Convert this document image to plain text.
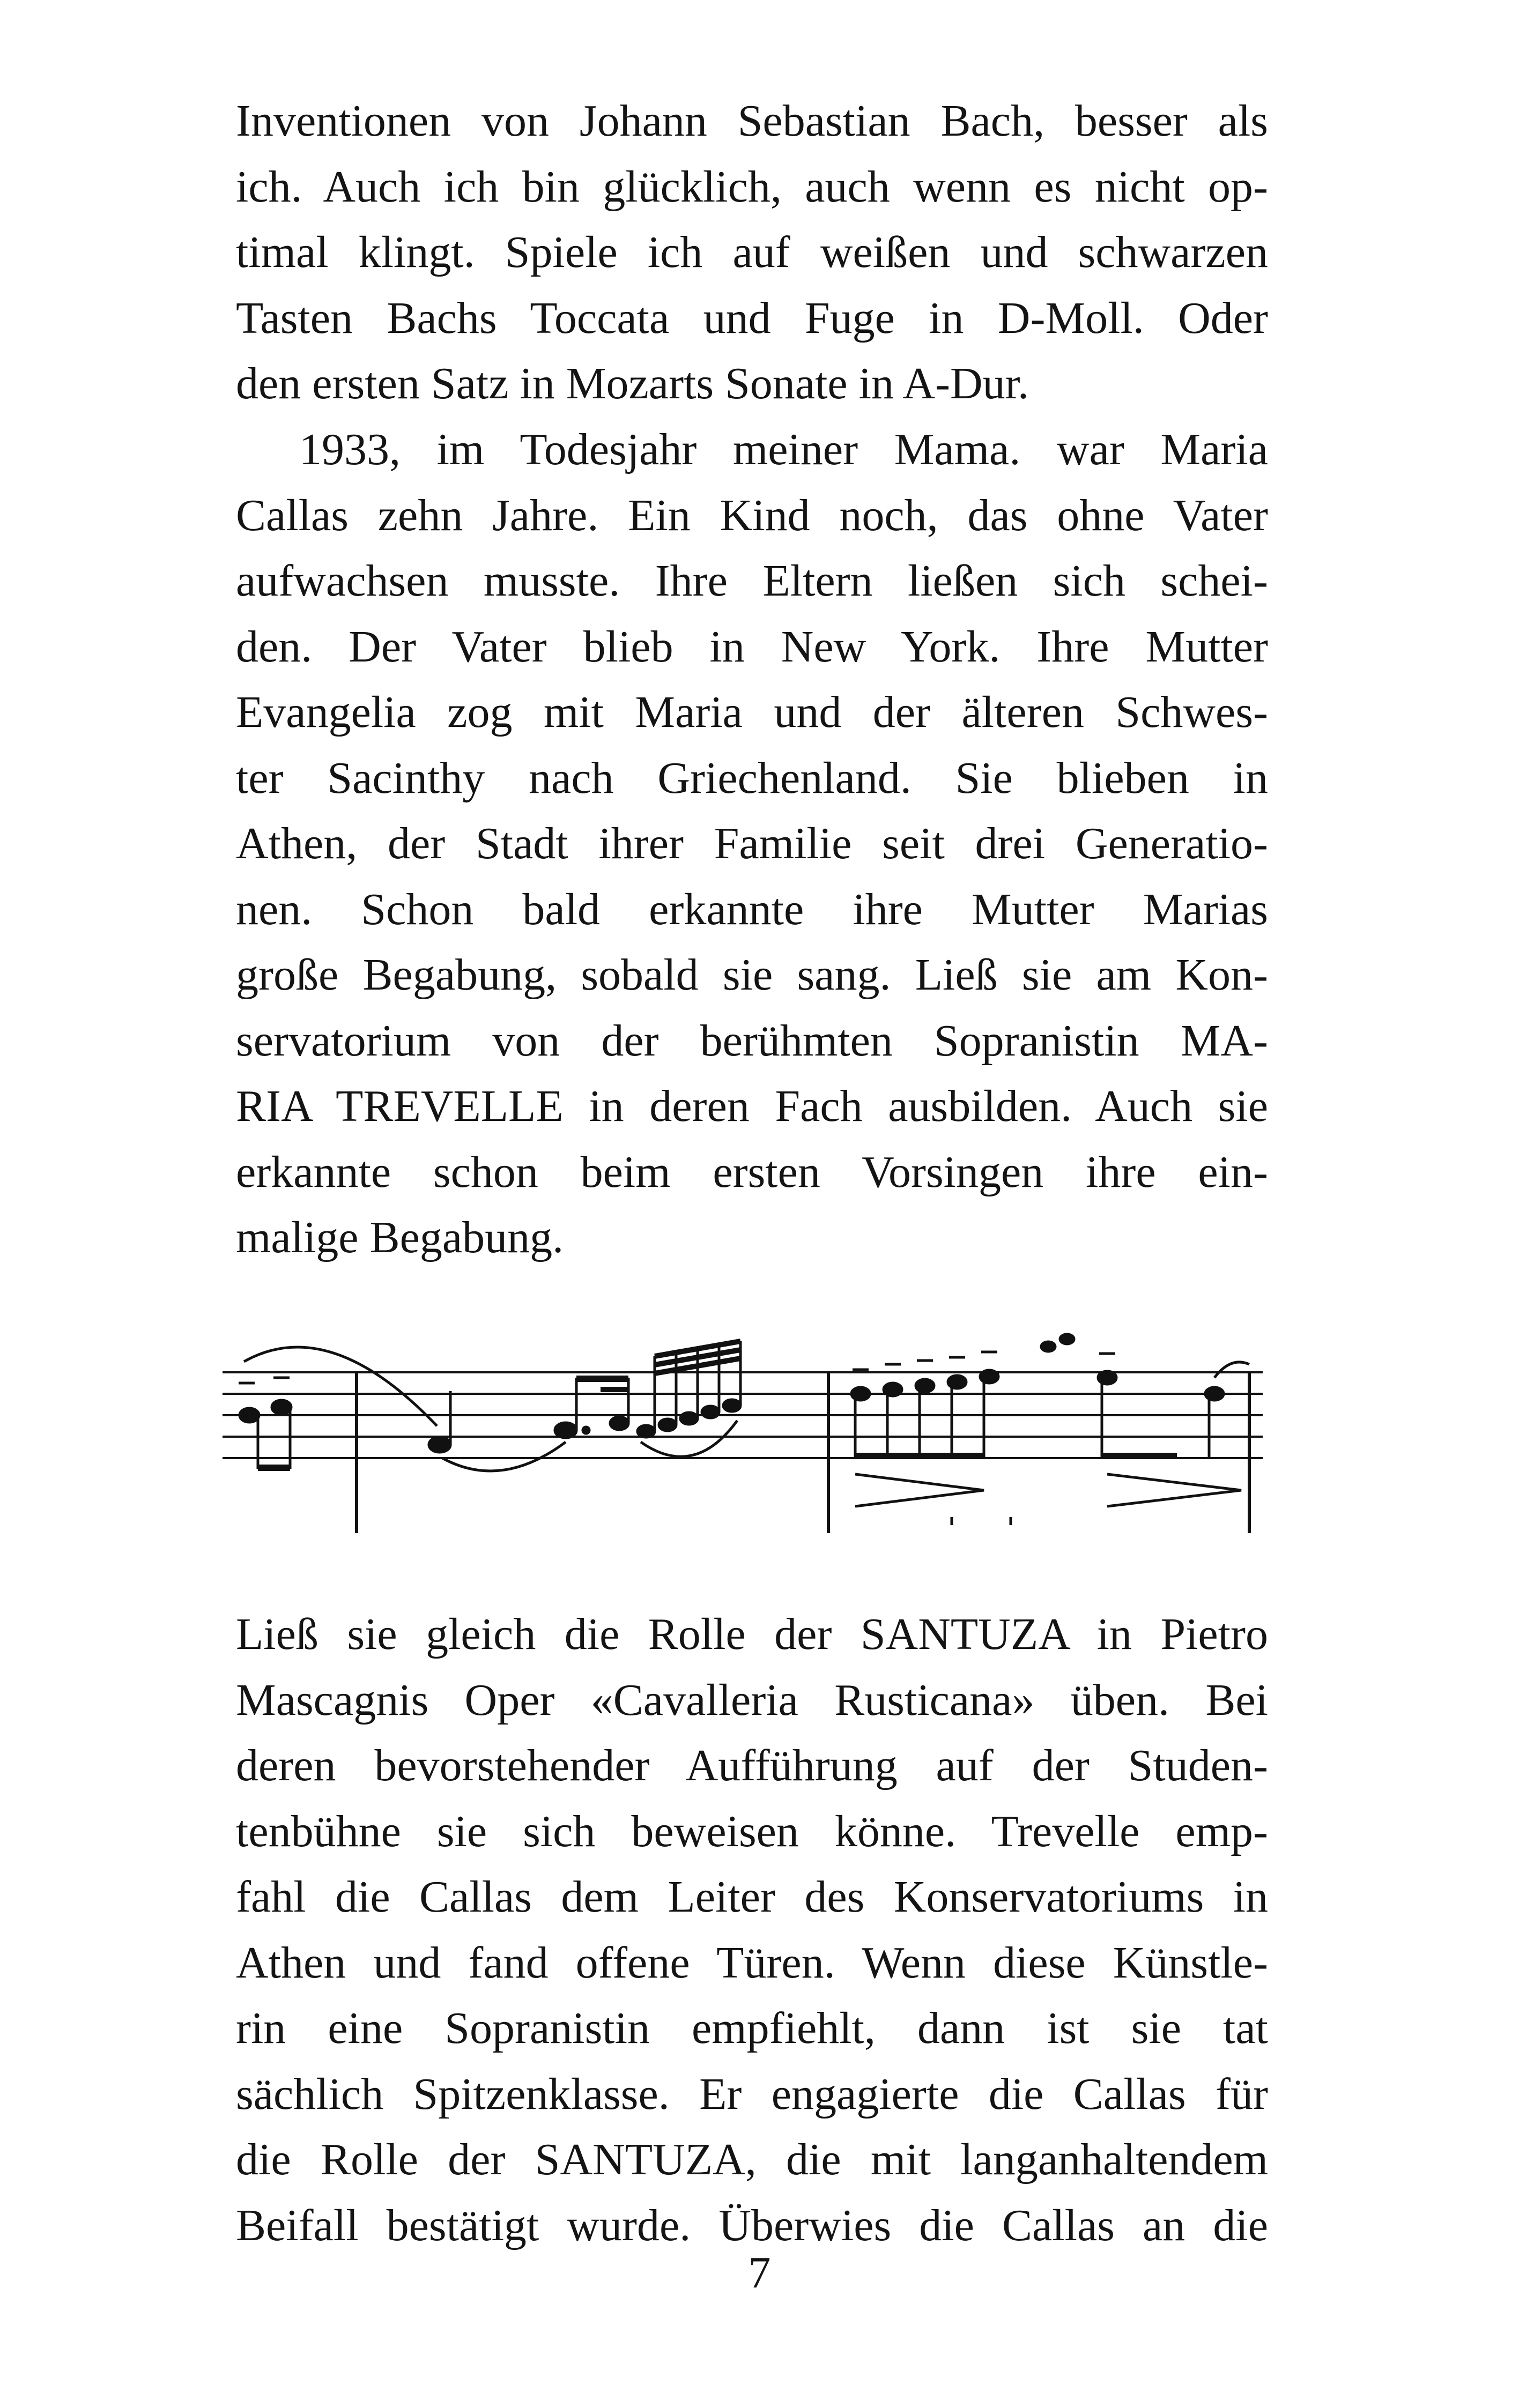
Inventionen von Johann Sebastian Bach, besser als
ich. Auch ich bin glücklich, auch wenn es nicht op-
timal klingt. Spiele ich auf weißen und schwarzen
Tasten Bachs Toccata und Fuge in D-Moll. Oder
den ersten Satz in Mozarts Sonate in A-Dur.

1933, im Todesjahr meiner Mama. war Maria
Callas zehn Jahre. Ein Kind noch, das ohne Vater
aufwachsen musste. Ihre Eltern ließen sich schei-
den. Der Vater blieb in New York. Ihre Mutter
Evangelia zog mit Maria und der älteren Schwes-
ter Sacinthy nach Griechenland. Sie blieben in
Athen, der Stadt ihrer Familie seit drei Generatio-
nen. Schon bald erkannte ihre Mutter Marias
große Begabung, sobald sie sang. Ließ sie am Kon-
servatorium von der berühmten Sopranistin MA-
RIA TREVELLE in deren Fach ausbilden. Auch sie
erkannte schon beim ersten Vorsingen ihre ein-
malige Begabung.

Ließ sie gleich die Rolle der SANTUZA in Pietro
Mascagnis Oper «Cavalleria Rusticana» üben. Bei
deren bevorstehender Aufführung auf der Studen-
tenbühne sie sich beweisen könne. Trevelle emp-
fahl die Callas dem Leiter des Konservatoriums in
Athen und fand offene Türen. Wenn diese Künstle-
rin eine Sopranistin empfiehlt, dann ist sie tat
sächlich Spitzenklasse. Er engagierte die Callas für
die Rolle der SANTUZA, die mit langanhaltendem
Beifall bestätigt wurde. Überwies die Callas an die

7
